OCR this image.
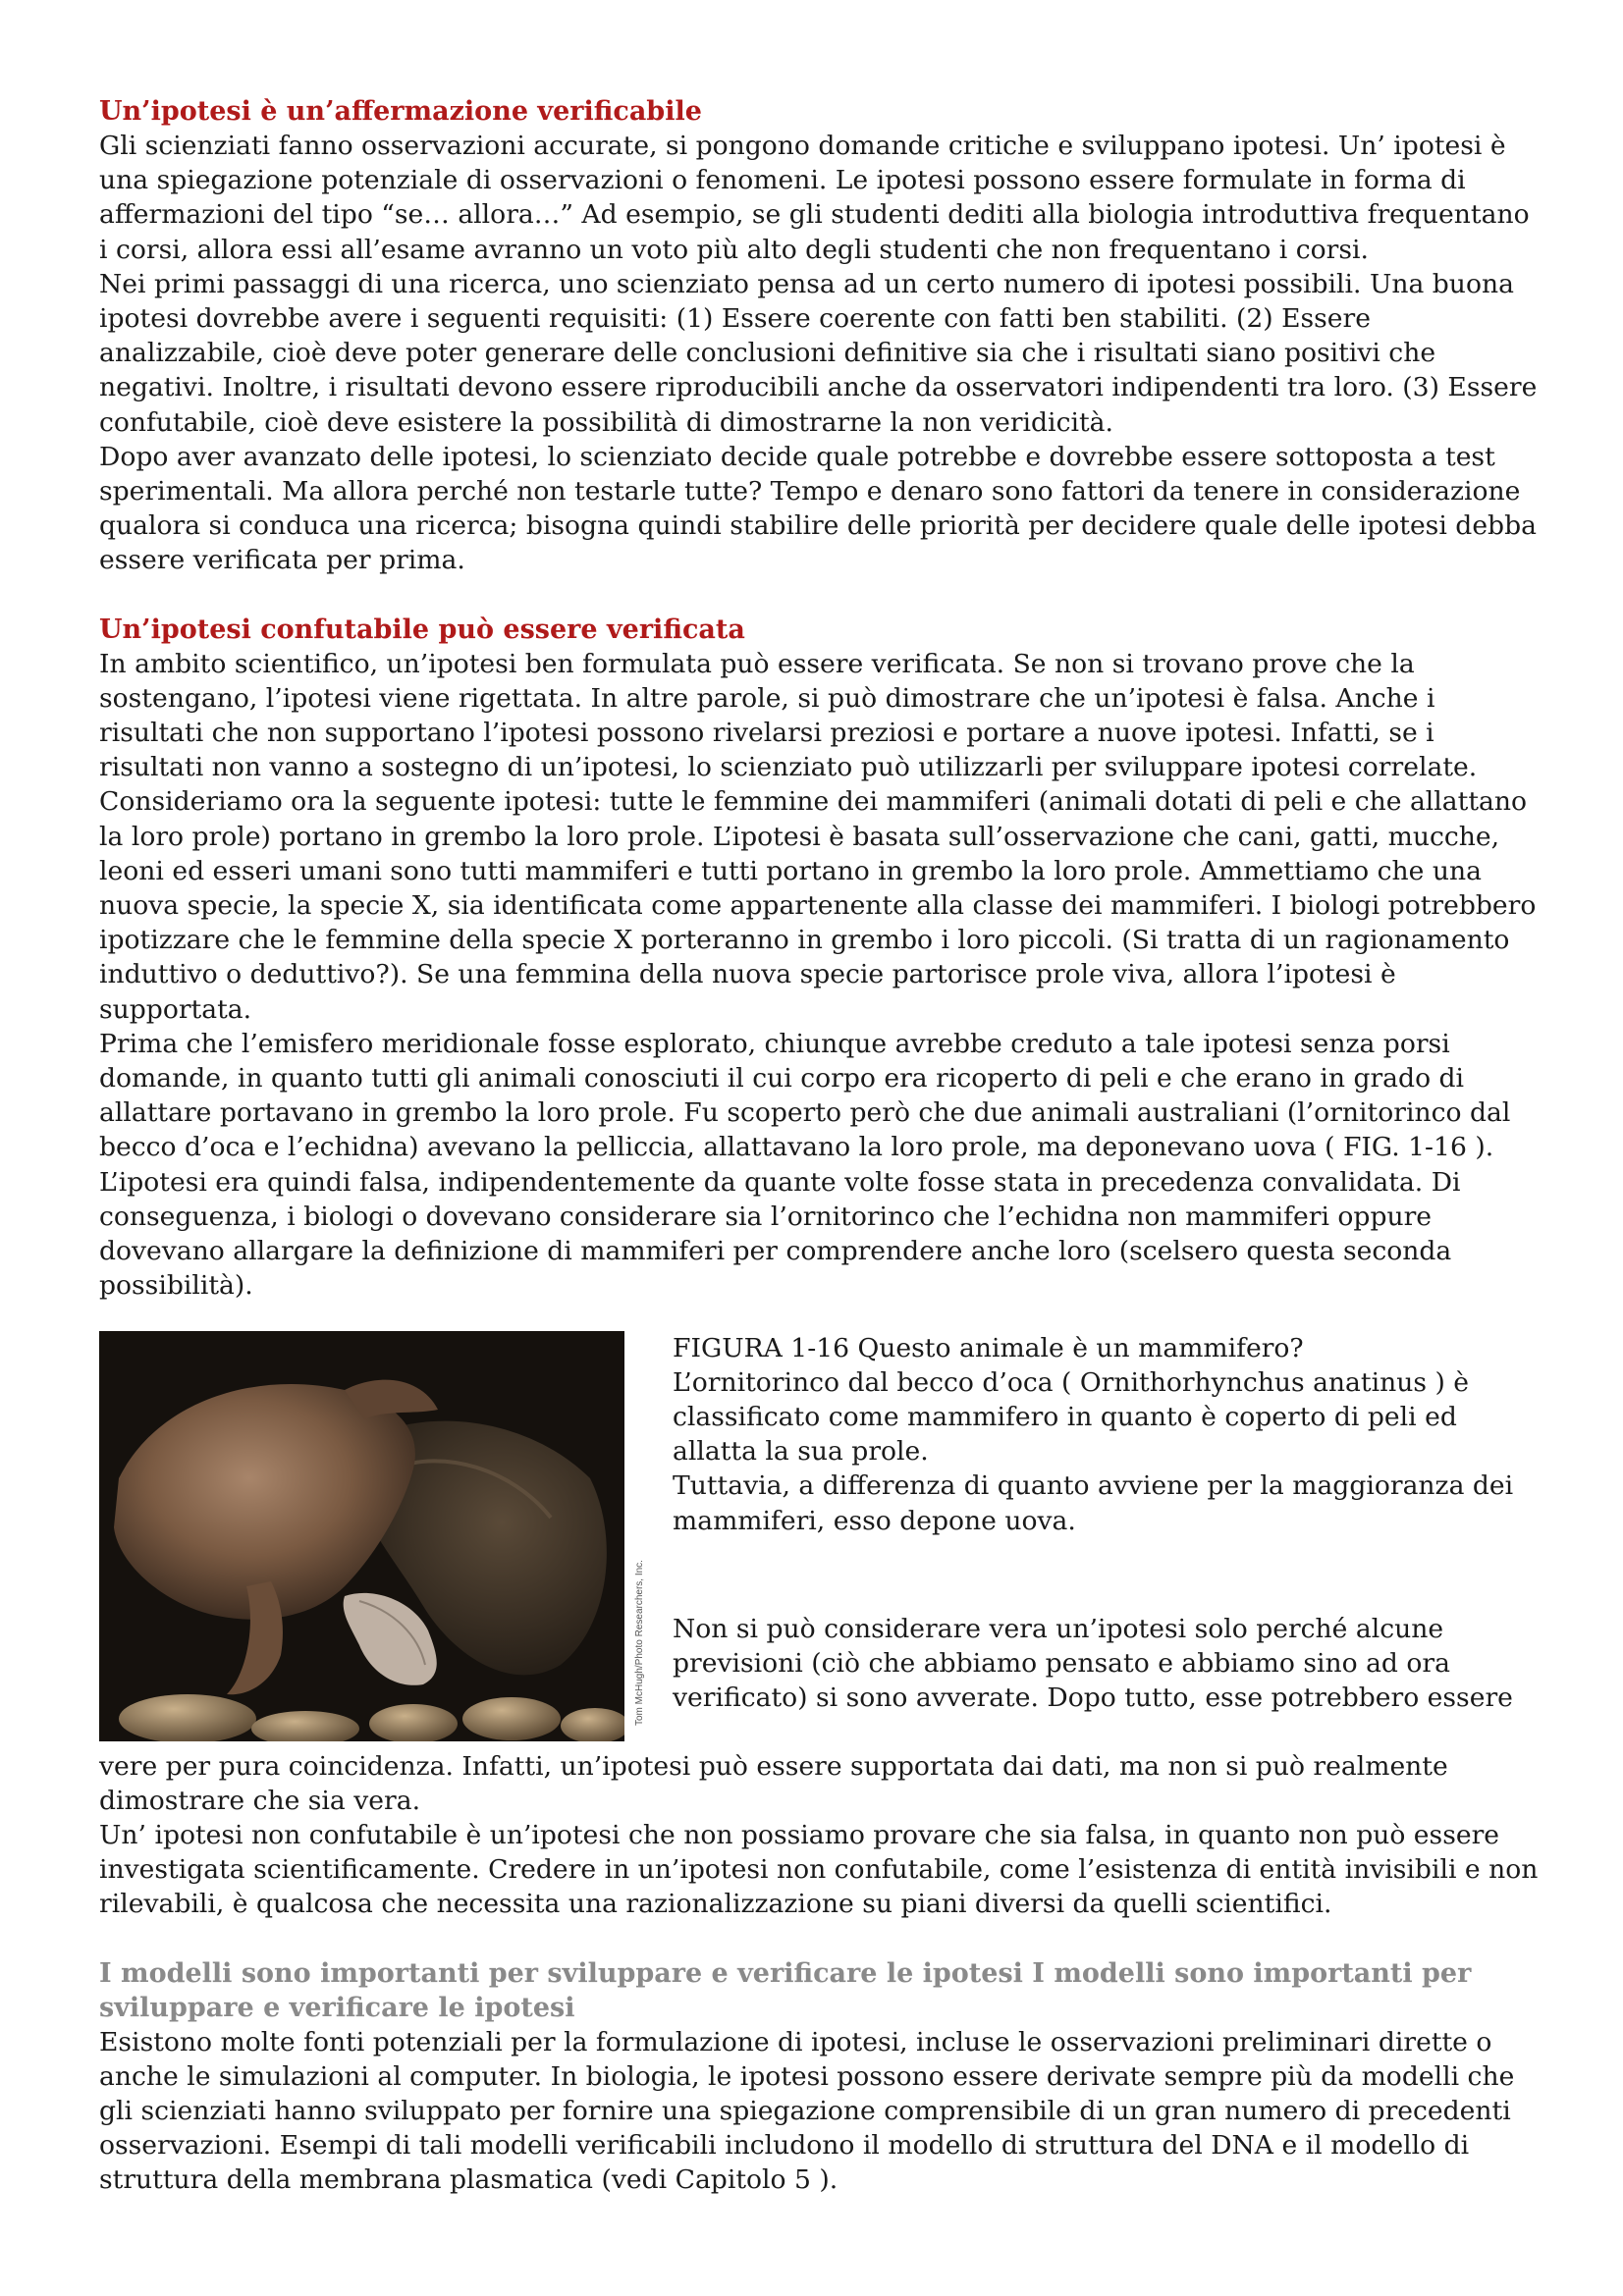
Un’ipotesi è un’affermazione verificabile

Gli scienziati fanno osservazioni accurate, si pongono domande critiche e sviluppano ipotesi. Un’ ipotesi è una spiegazione potenziale di osservazioni o fenomeni. Le ipotesi possono essere formulate in forma di affermazioni del tipo “se… allora…” Ad esempio, se gli studenti dediti alla biologia introduttiva frequentano i corsi, allora essi all’esame avranno un voto più alto degli studenti che non frequentano i corsi.

Nei primi passaggi di una ricerca, uno scienziato pensa ad un certo numero di ipotesi possibili. Una buona ipotesi dovrebbe avere i seguenti requisiti: (1) Essere coerente con fatti ben stabiliti. (2) Essere analizzabile, cioè deve poter generare delle conclusioni definitive sia che i risultati siano positivi che negativi. Inoltre, i risultati devono essere riproducibili anche da osservatori indipendenti tra loro. (3) Essere confutabile, cioè deve esistere la possibilità di dimostrarne la non veridicità.

Dopo aver avanzato delle ipotesi, lo scienziato decide quale potrebbe e dovrebbe essere sottoposta a test sperimentali. Ma allora perché non testarle tutte? Tempo e denaro sono fattori da tenere in considerazione qualora si conduca una ricerca; bisogna quindi stabilire delle priorità per decidere quale delle ipotesi debba essere verificata per prima.

Un’ipotesi confutabile può essere verificata

In ambito scientifico, un’ipotesi ben formulata può essere verificata. Se non si trovano prove che la sostengano, l’ipotesi viene rigettata. In altre parole, si può dimostrare che un’ipotesi è falsa. Anche i risultati che non supportano l’ipotesi possono rivelarsi preziosi e portare a nuove ipotesi. Infatti, se i risultati non vanno a sostegno di un’ipotesi, lo scienziato può utilizzarli per sviluppare ipotesi correlate.

Consideriamo ora la seguente ipotesi: tutte le femmine dei mammiferi (animali dotati di peli e che allattano la loro prole) portano in grembo la loro prole. L’ipotesi è basata sull’osservazione che cani, gatti, mucche, leoni ed esseri umani sono tutti mammiferi e tutti portano in grembo la loro prole. Ammettiamo che una nuova specie, la specie X, sia identificata come appartenente alla classe dei mammiferi. I biologi potrebbero ipotizzare che le femmine della specie X porteranno in grembo i loro piccoli. (Si tratta di un ragionamento induttivo o deduttivo?). Se una femmina della nuova specie partorisce prole viva, allora l’ipotesi è supportata.

Prima che l’emisfero meridionale fosse esplorato, chiunque avrebbe creduto a tale ipotesi senza porsi domande, in quanto tutti gli animali conosciuti il cui corpo era ricoperto di peli e che erano in grado di allattare portavano in grembo la loro prole. Fu scoperto però che due animali australiani (l’ornitorinco dal becco d’oca e l’echidna) avevano la pelliccia, allattavano la loro prole, ma deponevano uova ( FIG. 1-16 ). L’ipotesi era quindi falsa, indipendentemente da quante volte fosse stata in precedenza convalidata. Di conseguenza, i biologi o dovevano considerare sia l’ornitorinco che l’echidna non mammiferi oppure dovevano allargare la definizione di mammiferi per comprendere anche loro (scelsero questa seconda possibilità).

Tom McHugh/Photo Researchers, Inc.

FIGURA 1-16 Questo animale è un mammifero?

L’ornitorinco dal becco d’oca ( Ornithorhynchus anatinus ) è classificato come mammifero in quanto è coperto di peli ed allatta la sua prole.

Tuttavia, a differenza di quanto avviene per la maggioranza dei mammiferi, esso depone uova.

Non si può considerare vera un’ipotesi solo perché alcune previsioni (ciò che abbiamo pensato e abbiamo sino ad ora verificato) si sono avverate. Dopo tutto, esse potrebbero essere

vere per pura coincidenza. Infatti, un’ipotesi può essere supportata dai dati, ma non si può realmente dimostrare che sia vera.

Un’ ipotesi non confutabile è un’ipotesi che non possiamo provare che sia falsa, in quanto non può essere investigata scientificamente. Credere in un’ipotesi non confutabile, come l’esistenza di entità invisibili e non rilevabili, è qualcosa che necessita una razionalizzazione su piani diversi da quelli scientifici.

I modelli sono importanti per sviluppare e verificare le ipotesi I modelli sono importanti per sviluppare e verificare le ipotesi

Esistono molte fonti potenziali per la formulazione di ipotesi, incluse le osservazioni preliminari dirette o anche le simulazioni al computer. In biologia, le ipotesi possono essere derivate sempre più da modelli che gli scienziati hanno sviluppato per fornire una spiegazione comprensibile di un gran numero di precedenti osservazioni. Esempi di tali modelli verificabili includono il modello di struttura del DNA e il modello di struttura della membrana plasmatica (vedi Capitolo 5 ).
